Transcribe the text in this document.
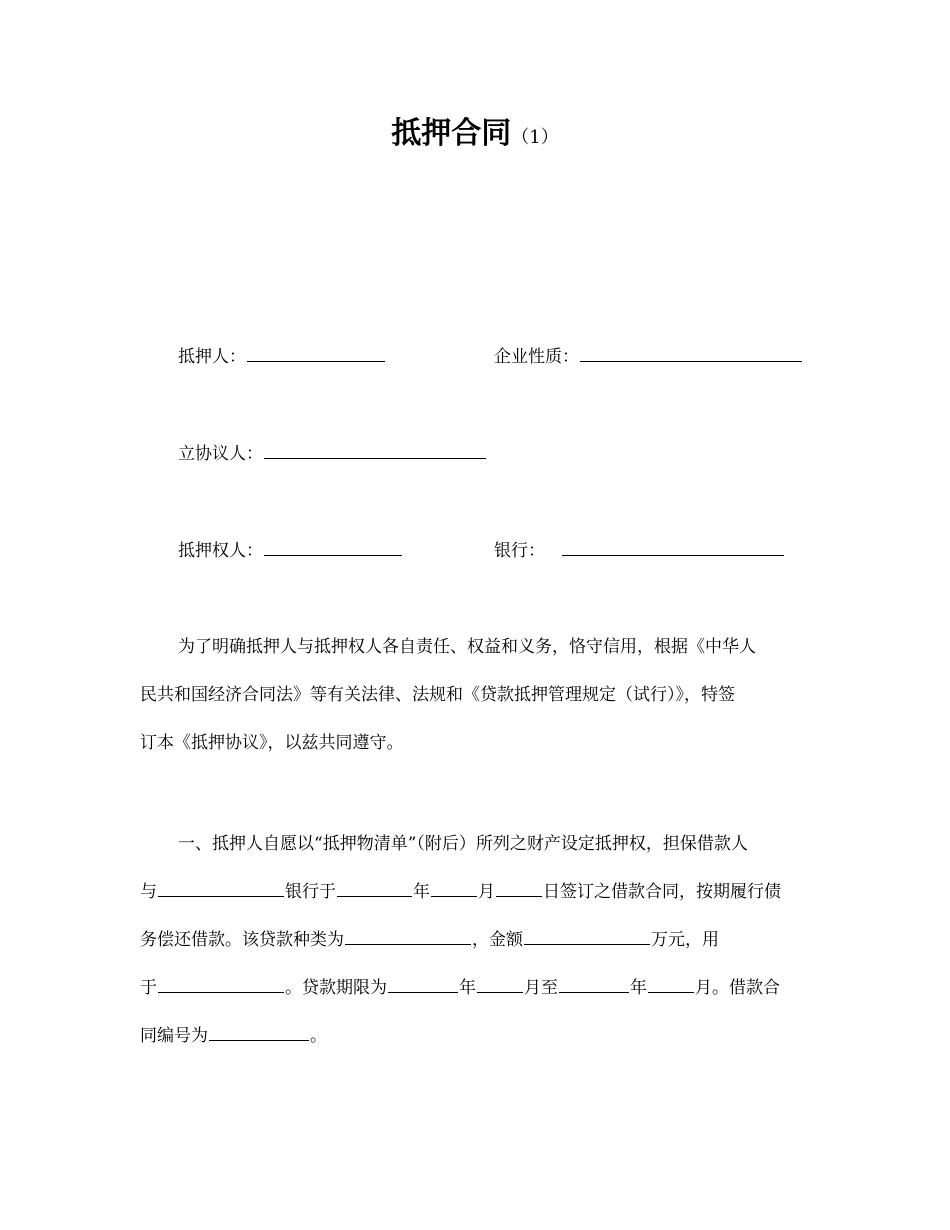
抵押合同（1）
抵押人：	企业性质：
立协议人：
抵押权人：	银行：

为了明确抵押人与抵押权人各自责任、权益和义务，恪守信用，根据《中华人

民共和国经济合同法》等有关法律、法规和《贷款抵押管理规定（试行）》，特签

订本《抵押协议》，以兹共同遵守。

一、抵押人自愿以“抵押物清单”（附后）所列之财产设定抵押权，担保借款人

与	银行于	年	月	日签订之借款合同，按期履行债

务偿还借款。该贷款种类为	，金额	万元，用

于	。贷款期限为	年	月至	年	月。借款合

同编号为	。
